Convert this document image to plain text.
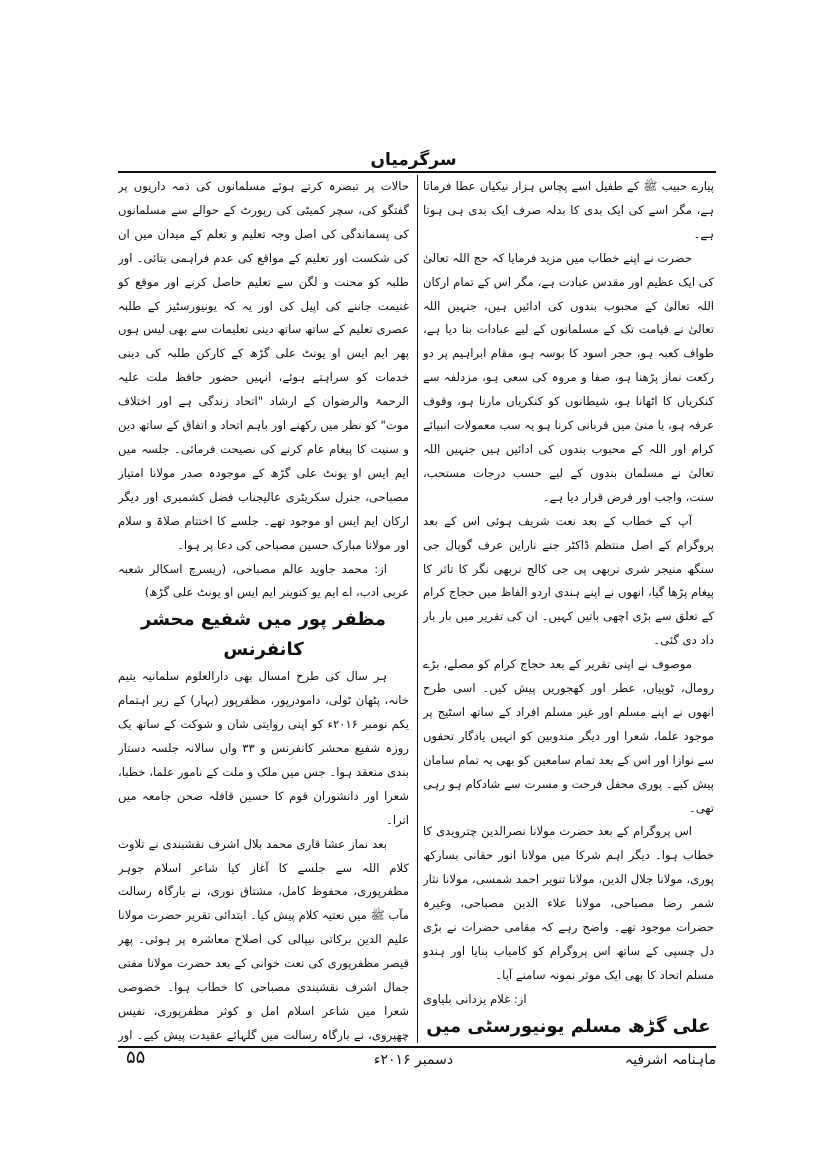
سرگرمیاں

پیارے حبیب ﷺ کے طفیل اسے پچاس ہزار نیکیاں عطا فرماتا ہے، مگر اسے کی ایک بدی کا بدلہ صرف ایک بدی ہی ہوتا ہے۔

حضرت نے اپنے خطاب میں مزید فرمایا کہ حج اللہ تعالیٰ کی ایک عظیم اور مقدس عبادت ہے، مگر اس کے تمام ارکان اللہ تعالیٰ کے محبوب بندوں کی ادائیں ہیں، جنہیں اللہ تعالیٰ نے قیامت تک کے مسلمانوں کے لیے عبادات بنا دیا ہے، طواف کعبہ ہو، حجر اسود کا بوسہ ہو، مقام ابراہیم پر دو رکعت نماز پڑھنا ہو، صفا و مروہ کی سعی ہو، مزدلفہ سے کنکریاں کا اٹھانا ہو، شیطانوں کو کنکریاں مارنا ہو، وقوف عرفہ ہو، یا منیٰ میں قربانی کرنا ہو یہ سب معمولات انبیائے کرام اور اللہ کے محبوب بندوں کی ادائیں ہیں جنہیں اللہ تعالیٰ نے مسلمان بندوں کے لیے حسب درجات مستحب، سنت، واجب اور فرض قرار دیا ہے۔

آپ کے خطاب کے بعد نعت شریف ہوئی اس کے بعد پروگرام کے اصل منتظم ڈاکٹر جنے ناراین عرف گوپال جی سنگھ منیجر شری نربھی پی جی کالج نربھی نگر کا تاثر کا پیغام پڑھا گیا، انھوں نے اپنے ہندی اردو الفاظ میں حجاج کرام کے تعلق سے بڑی اچھی باتیں کہیں۔ ان کی تقریر میں بار بار داد دی گئی۔

موصوف نے اپنی تقریر کے بعد حجاج کرام کو مصلے، بڑے رومال، ٹوپیاں، عطر اور کھجوریں پیش کیں۔ اسی طرح انھوں نے اپنے مسلم اور غیر مسلم افراد کے ساتھ اسٹیج پر موجود علما، شعرا اور دیگر مندوبین کو انہیں یادگار تحفوں سے نوازا اور اس کے بعد تمام سامعین کو بھی یہ تمام سامان پیش کیے۔ پوری محفل فرحت و مسرت سے شادکام ہو رہی تھی۔

اس پروگرام کے بعد حضرت مولانا نصرالدین چترویدی کا خطاب ہوا۔ دیگر اہم شرکا میں مولانا انور حقانی بسارکھ پوری، مولانا جلال الدین، مولانا تنویر احمد شمسی، مولانا نثار شمر رضا مصباحی، مولانا علاء الدین مصباحی، وغیرہ حضرات موجود تھے۔ واضح رہے کہ مقامی حضرات نے بڑی دل چسپی کے ساتھ اس پروگرام کو کامیاب بنایا اور ہندو مسلم اتحاد کا بھی ایک موثر نمونہ سامنے آیا۔

از: غلام یزدانی بلیاوی

علی گڑھ مسلم یونیورسٹی میں

حالات پر تبصرہ کرتے ہوئے مسلمانوں کی ذمہ داریوں پر گفتگو کی، سچر کمیٹی کی رپورٹ کے حوالے سے مسلمانوں کی پسماندگی کی اصل وجہ تعلیم و تعلم کے میدان میں ان کی شکست اور تعلیم کے مواقع کی عدم فراہمی بتائی۔ اور طلبہ کو محنت و لگن سے تعلیم حاصل کرنے اور موقع کو غنیمت جاننے کی اپیل کی اور یہ کہ یونیورسٹیز کے طلبہ عصری تعلیم کے ساتھ ساتھ دینی تعلیمات سے بھی لیس ہوں پھر ایم ایس او یونٹ علی گڑھ کے کارکن طلبہ کی دینی خدمات کو سراہتے ہوئے، انہیں حضور حافظ ملت علیہ الرحمۃ والرضوان کے ارشاد "اتحاد زندگی ہے اور اختلاف موت" کو نظر میں رکھنے اور باہم اتحاد و اتفاق کے ساتھ دین و سنیت کا پیغام عام کرنے کی نصیحت فرمائی۔ جلسہ میں ایم ایس او یونٹ علی گڑھ کے موجودہ صدر مولانا امتیاز مصباحی، جنرل سکریٹری عالیجناب فضل کشمیری اور دیگر ارکان ایم ایس او موجود تھے۔ جلسے کا اختتام صلاۃ و سلام اور مولانا مبارک حسین مصباحی کی دعا پر ہوا۔

از: محمد جاوید عالم مصباحی، (ریسرچ اسکالر شعبہ عربی ادب، اے ایم یو کنوینر ایم ایس او یونٹ علی گڑھ)

مظفر پور میں شفیع محشر کانفرنس

ہر سال کی طرح امسال بھی دارالعلوم سلمانیہ یتیم خانہ، پٹھان ٹولی، دامودرپور، مظفرپور (بہار) کے زیر اہتمام یکم نومبر ۲۰۱۶ء کو اپنی روایتی شان و شوکت کے ساتھ یک روزہ شفیع محشر کانفرنس و ۳۳ واں سالانہ جلسہ دستار بندی منعقد ہوا۔ جس میں ملک و ملت کے نامور علما، خطبا، شعرا اور دانشوران قوم کا حسین قافلہ صحن جامعہ میں اترا۔

بعد نماز عشا قاری محمد بلال اشرف نقشبندی نے تلاوت کلام اللہ سے جلسے کا آغاز کیا شاعر اسلام جوہر مظفرپوری، محفوظ کامل، مشتاق نوری، نے بارگاہ رسالت مآب ﷺ میں نعتیہ کلام پیش کیا۔ ابتدائی تقریر حضرت مولانا علیم الدین برکاتی نیپالی کی اصلاح معاشرہ پر ہوئی۔ پھر قیصر مظفرپوری کی نعت خوانی کے بعد حضرت مولانا مفتی جمال اشرف نقشبندی مصباحی کا خطاب ہوا۔ خصوصی شعرا میں شاعر اسلام امل و کوثر مظفرپوری، نفیس چھپروی، نے بارگاہ رسالت میں گلہائے عقیدت پیش کیے۔ اور

ماہنامہ اشرفیہ
دسمبر ۲۰۱۶ء
۵۵
